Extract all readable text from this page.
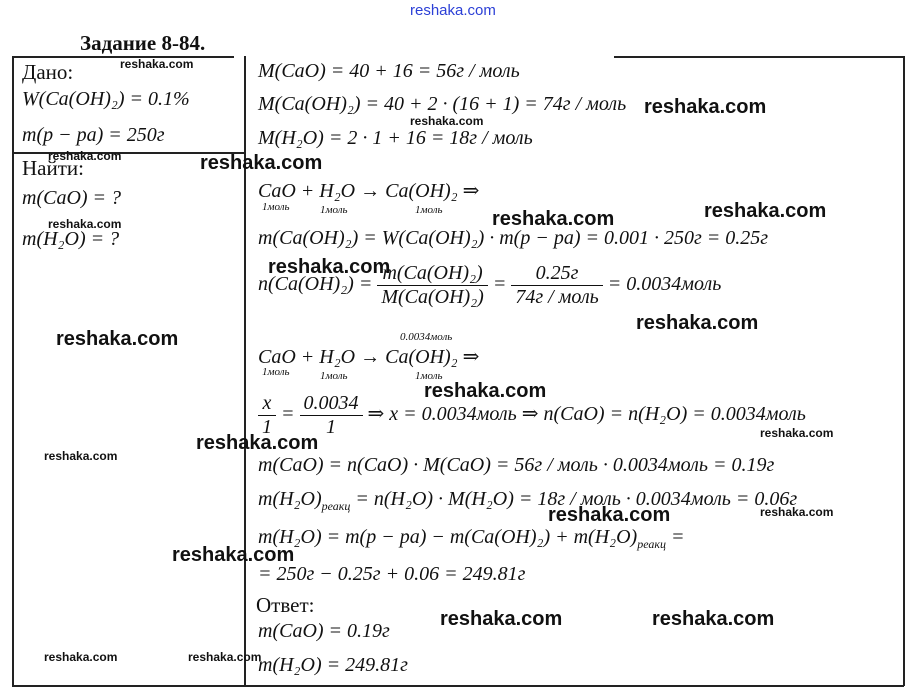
reshaka.com
Задание 8-84.
Дано:
W(Ca(OH)₂) = 0.1%
m(p − pa) = 250г
Найти:
m(CaO) = ?
m(H₂O) = ?
M(CaO) = 40 + 16 = 56г / моль
M(Ca(OH)₂) = 40 + 2 · (16 + 1) = 74г / моль
M(H₂O) = 2 · 1 + 16 = 18г / моль
CaO + H₂O → Ca(OH)₂ ⇒
1моль	1моль	1моль
m(Ca(OH)₂) = W(Ca(OH)₂) · m(p − pa) = 0.001 · 250г = 0.25г
$n(Ca(OH)_2) = \frac{\text{m(Ca(OH)₂)}}{\text{M(Ca(OH)₂)}} = \frac{0.25г}{\text{74г / моль}}$ = 0.0034моль
0.0034моль
CaO + H₂O → Ca(OH)₂ ⇒
1моль	1моль	1моль
$\frac{x}{1} = \frac{0.0034}{1}$ ⇒ x = 0.0034моль ⇒ n(CaO) = n(H₂O) = 0.0034моль
m(CaO) = n(CaO) · M(CaO) = 56г / моль · 0.0034моль = 0.19г
$m(H_2O)_{реакц} = n(H_2O) \cdot M(H_2O) = 18г$ / моль · 0.0034моль = 0.06г
$m(H_2O) = m(p - pa) - m(Ca(OH)_2) + m(H_2O)_{реакц}$ =
= 250г − 0.25г + 0.06 = 249.81г
Ответ:
m(CaO) = 0.19г
m(H₂O) = 249.81г
reshaka.com
reshaka.com
reshaka.com
reshaka.com
reshaka.com
reshaka.com
reshaka.com
reshaka.com	reshaka.com
reshaka.com
reshaka.com
reshaka.com	reshaka.com
reshaka.com
reshaka.com
reshaka.com
reshaka.com
reshaka.com
reshaka.com
reshaka.com
reshaka.com	reshaka.com
